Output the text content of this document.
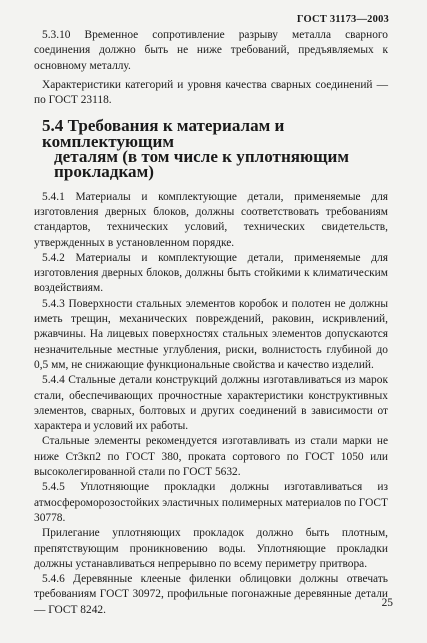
ГОСТ 31173—2003

5.3.10 Временное сопротивление разрыву металла сварного соединения должно быть не ниже требований, предъявляемых к основному металлу.

Характеристики категорий и уровня качества сварных соединений — по ГОСТ 23118.

5.4 Требования к материалам и комплектующим
деталям (в том числе к уплотняющим прокладкам)

5.4.1 Материалы и комплектующие детали, применяемые для изготовления дверных блоков, должны соответствовать требованиям стандартов, технических условий, технических свидетельств, утвержденных в установленном порядке.

5.4.2 Материалы и комплектующие детали, применяемые для изготовления дверных блоков, должны быть стойкими к климатическим воздействиям.

5.4.3 Поверхности стальных элементов коробок и полотен не должны иметь трещин, механических повреждений, раковин, искривлений, ржавчины. На лицевых поверхностях стальных элементов допускаются незначительные местные углубления, риски, волнистость глубиной до 0,5 мм, не снижающие функциональные свойства и качество изделий.

5.4.4 Стальные детали конструкций должны изготавливаться из марок стали, обеспечивающих прочностные характеристики конструктивных элементов, сварных, болтовых и других соединений в зависимости от характера и условий их работы.

Стальные элементы рекомендуется изготавливать из стали марки не ниже Ст3кп2 по ГОСТ 380, проката сортового по ГОСТ 1050 или высоколегированной стали по ГОСТ 5632.

5.4.5 Уплотняющие прокладки должны изготавливаться из атмосфероморозостойких эластичных полимерных материалов по ГОСТ 30778.

Прилегание уплотняющих прокладок должно быть плотным, препятствующим проникновению воды. Уплотняющие прокладки должны устанавливаться непрерывно по всему периметру притвора.

5.4.6 Деревянные клееные филенки облицовки должны отвечать требованиям ГОСТ 30972, профильные погонажные деревянные детали — ГОСТ 8242.

25
